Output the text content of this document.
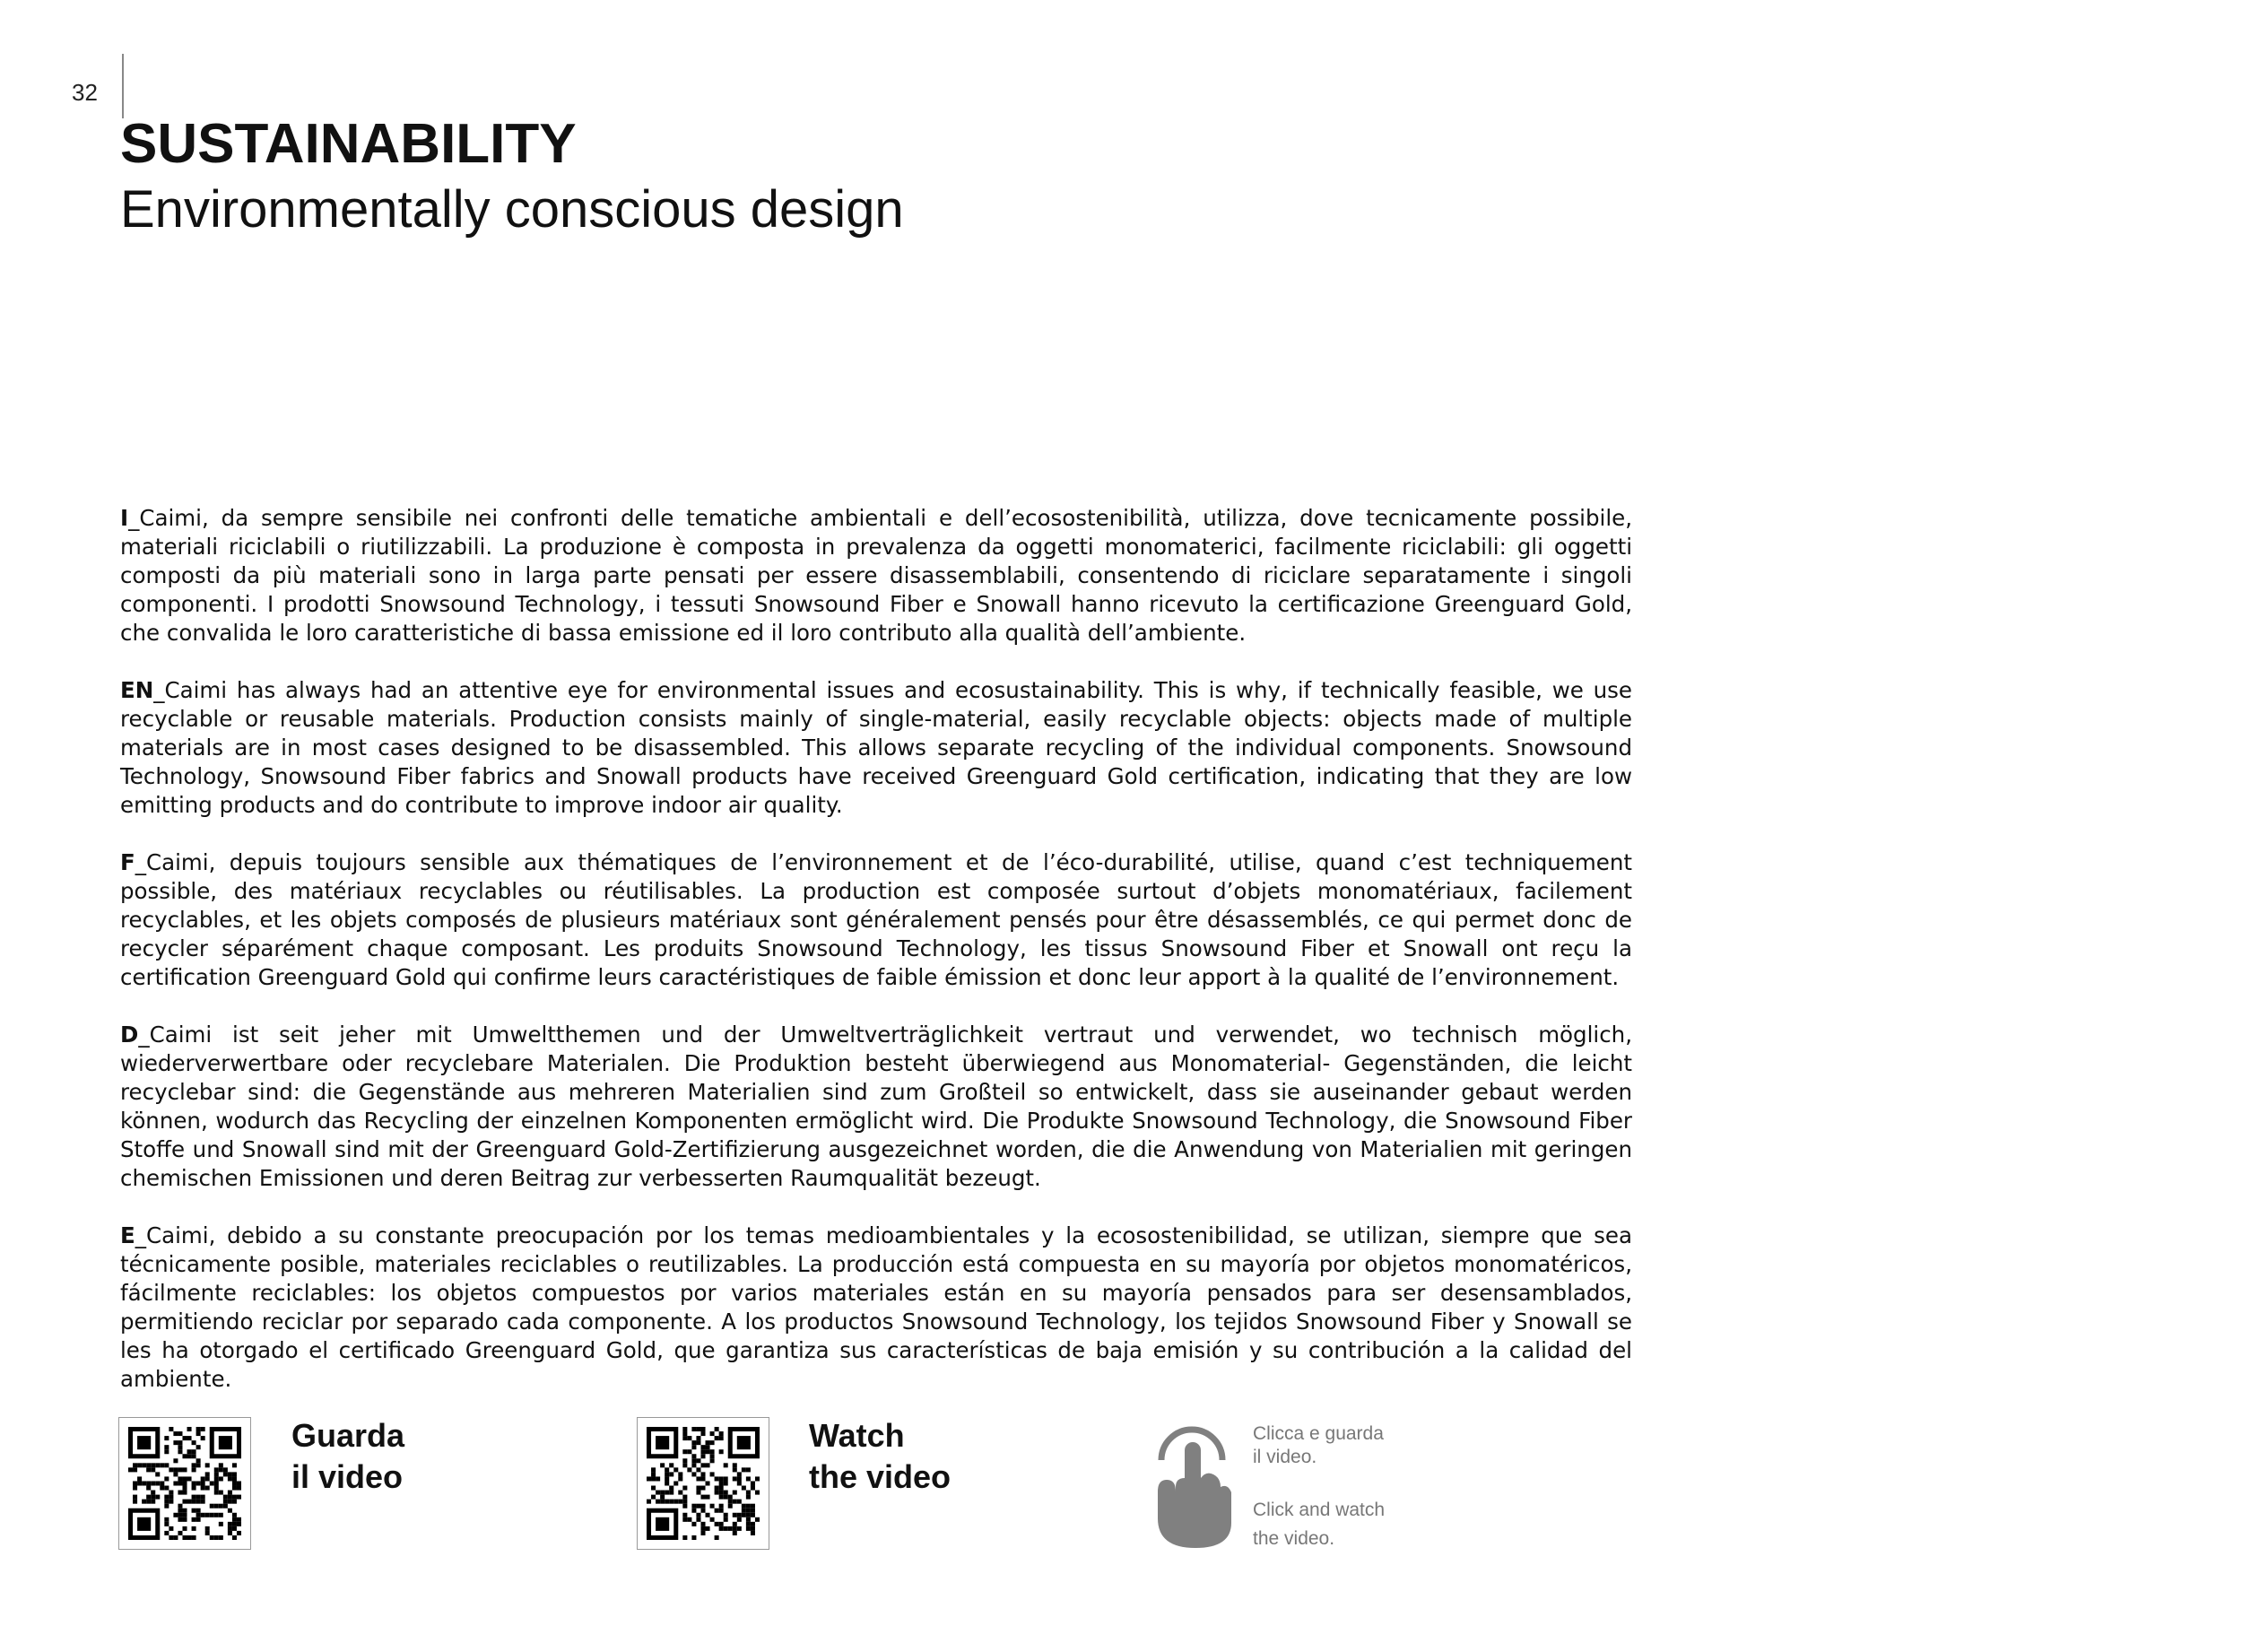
32
SUSTAINABILITY
Environmentally conscious design

I_Caimi, da sempre sensibile nei confronti delle tematiche ambientali e dell’ecosostenibilità, utilizza, dove tecnicamente possibile, materiali riciclabili o riutilizzabili. La produzione è composta in prevalenza da oggetti monomaterici, facilmente riciclabili: gli oggetti composti da più materiali sono in larga parte pensati per essere disassemblabili, consentendo di riciclare separatamente i singoli componenti. I prodotti Snowsound Technology, i tessuti Snowsound Fiber e Snowall hanno ricevuto la certificazione Greenguard Gold, che convalida le loro caratteristiche di bassa emissione ed il loro contributo alla qualità dell’ambiente.

EN_Caimi has always had an attentive eye for environmental issues and ecosustainability. This is why, if technically feasible, we use recyclable or reusable materials. Production consists mainly of single-material, easily recyclable objects: objects made of multiple materials are in most cases designed to be disassembled. This allows separate recycling of the individual components. Snowsound Technology, Snowsound Fiber fabrics and Snowall products have received Greenguard Gold certification, indicating that they are low emitting products and do contribute to improve indoor air quality.

F_Caimi, depuis toujours sensible aux thématiques de l’environnement et de l’éco-durabilité, utilise, quand c’est techniquement possible, des matériaux recyclables ou réutilisables. La production est composée surtout d’objets monomatériaux, facilement recyclables, et les objets composés de plusieurs matériaux sont généralement pensés pour être désassemblés, ce qui permet donc de recycler séparément chaque composant. Les produits Snowsound Technology, les tissus Snowsound Fiber et Snowall ont reçu la certification Greenguard Gold qui confirme leurs caractéristiques de faible émission et donc leur apport à la qualité de l’environnement.

D_Caimi ist seit jeher mit Umweltthemen und der Umweltverträglichkeit vertraut und verwendet, wo technisch möglich, wiederverwertbare oder recyclebare Materialen. Die Produktion besteht überwiegend aus Monomaterial- Gegenständen, die leicht recyclebar sind: die Gegenstände aus mehreren Materialien sind zum Großteil so entwickelt, dass sie auseinander gebaut werden können, wodurch das Recycling der einzelnen Komponenten ermöglicht wird. Die Produkte Snowsound Technology, die Snowsound Fiber Stoffe und Snowall sind mit der Greenguard Gold-Zertifizierung ausgezeichnet worden, die die Anwendung von Materialien mit geringen chemischen Emissionen und deren Beitrag zur verbesserten Raumqualität bezeugt.

E_Caimi, debido a su constante preocupación por los temas medioambientales y la ecosostenibilidad, se utilizan, siempre que sea técnicamente posible, materiales reciclables o reutilizables. La producción está compuesta en su mayoría por objetos monomatéricos, fácilmente reciclables: los objetos compuestos por varios materiales están en su mayoría pensados para ser desensamblados, permitiendo reciclar por separado cada componente. A los productos Snowsound Technology, los tejidos Snowsound Fiber y Snowall se les ha otorgado el certificado Greenguard Gold, que garantiza sus características de baja emisión y su contribución a la calidad del ambiente.

Guarda
il video
Watch
the video
Clicca e guarda
il video.
Click and watch
the video.
